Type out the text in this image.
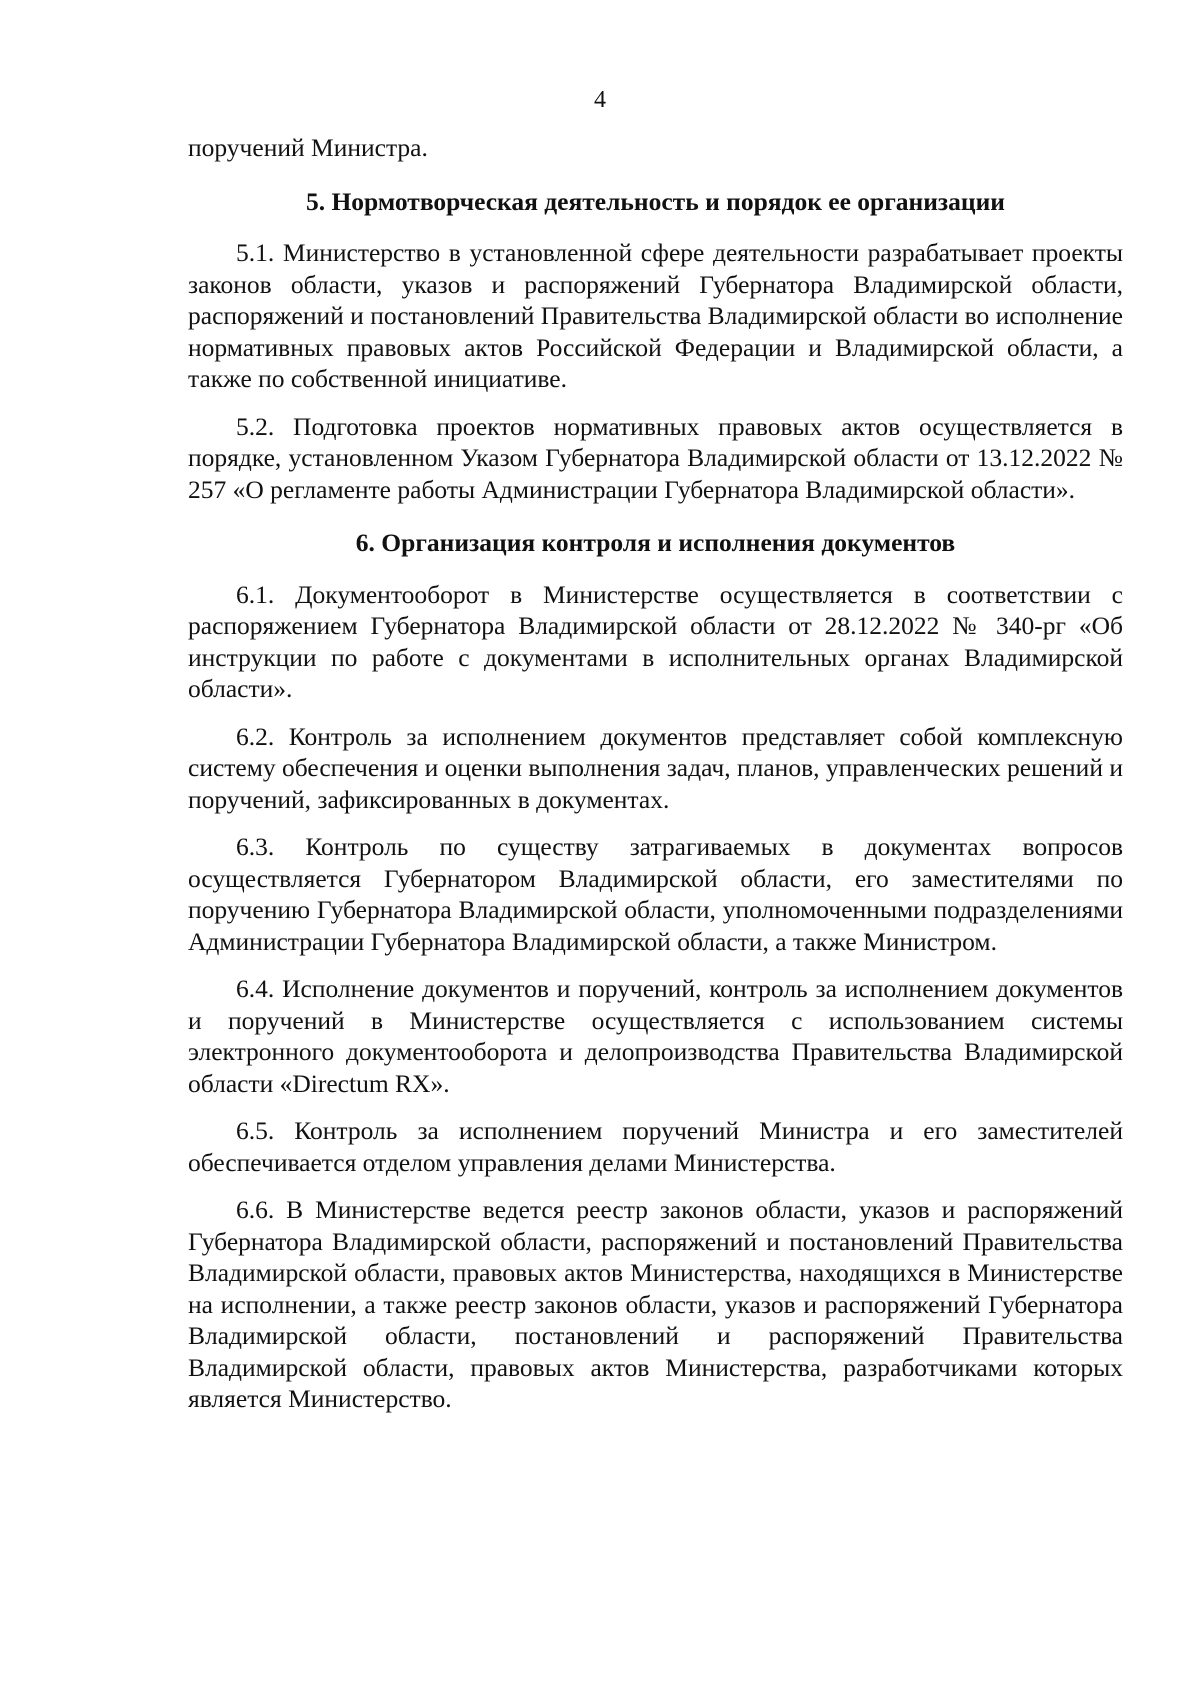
4

поручений Министра.

5. Нормотворческая деятельность и порядок ее организации

5.1. Министерство в установленной сфере деятельности разрабатывает проекты законов области, указов и распоряжений Губернатора Владимирской области, распоряжений и постановлений Правительства Владимирской области во исполнение нормативных правовых актов Российской Федерации и Владимирской области, а также по собственной инициативе.

5.2. Подготовка проектов нормативных правовых актов осуществляется в порядке, установленном Указом Губернатора Владимирской области от 13.12.2022 № 257 «О регламенте работы Администрации Губернатора Владимирской области».

6. Организация контроля и исполнения документов

6.1. Документооборот в Министерстве осуществляется в соответствии с распоряжением Губернатора Владимирской области от 28.12.2022 № 340-рг «Об инструкции по работе с документами в исполнительных органах Владимирской области».

6.2. Контроль за исполнением документов представляет собой комплексную систему обеспечения и оценки выполнения задач, планов, управленческих решений и поручений, зафиксированных в документах.

6.3. Контроль по существу затрагиваемых в документах вопросов осуществляется Губернатором Владимирской области, его заместителями по поручению Губернатора Владимирской области, уполномоченными подразделениями Администрации Губернатора Владимирской области, а также Министром.

6.4. Исполнение документов и поручений, контроль за исполнением документов и поручений в Министерстве осуществляется с использованием системы электронного документооборота и делопроизводства Правительства Владимирской области «Directum RX».

6.5. Контроль за исполнением поручений Министра и его заместителей обеспечивается отделом управления делами Министерства.

6.6. В Министерстве ведется реестр законов области, указов и распоряжений Губернатора Владимирской области, распоряжений и постановлений Правительства Владимирской области, правовых актов Министерства, находящихся в Министерстве на исполнении, а также реестр законов области, указов и распоряжений Губернатора Владимирской области, постановлений и распоряжений Правительства Владимирской области, правовых актов Министерства, разработчиками которых является Министерство.
